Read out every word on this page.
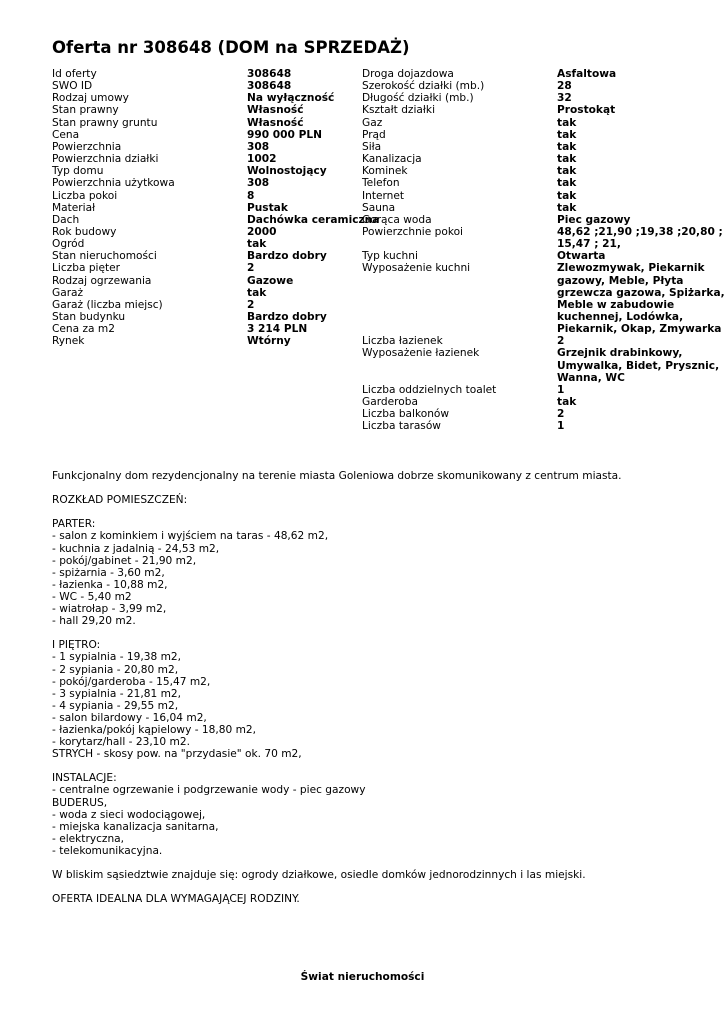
Oferta nr 308648 (DOM na SPRZEDAŻ)
Id oferty	308648
SWO ID	308648
Rodzaj umowy	Na wyłączność
Stan prawny	Własność
Stan prawny gruntu	Własność
Cena	990 000 PLN
Powierzchnia	308
Powierzchnia działki	1002
Typ domu	Wolnostojący
Powierzchnia użytkowa	308
Liczba pokoi	8
Materiał	Pustak
Dach	Dachówka ceramiczna
Rok budowy	2000
Ogród	tak
Stan nieruchomości	Bardzo dobry
Liczba pięter	2
Rodzaj ogrzewania	Gazowe
Garaż	tak
Garaż (liczba miejsc)	2
Stan budynku	Bardzo dobry
Cena za m2	3 214 PLN
Rynek	Wtórny
Droga dojazdowa	Asfaltowa
Szerokość działki (mb.)	28
Długość działki (mb.)	32
Kształt działki	Prostokąt
Gaz	tak
Prąd	tak
Siła	tak
Kanalizacja	tak
Kominek	tak
Telefon	tak
Internet	tak
Sauna	tak
Gorąca woda	Piec gazowy
Powierzchnie pokoi	48,62 ;21,90 ;19,38 ;20,80 ;
15,47 ; 21,
Typ kuchni	Otwarta
Wyposażenie kuchni	Zlewozmywak, Piekarnik
gazowy, Meble, Płyta
grzewcza gazowa, Spiżarka,
Meble w zabudowie
kuchennej, Lodówka,
Piekarnik, Okap, Zmywarka
Liczba łazienek	2
Wyposażenie łazienek	Grzejnik drabinkowy,
Umywalka, Bidet, Prysznic,
Wanna, WC
Liczba oddzielnych toalet	1
Garderoba	tak
Liczba balkonów	2
Liczba tarasów	1

Funkcjonalny dom rezydencjonalny na terenie miasta Goleniowa dobrze skomunikowany z centrum miasta.

ROZKŁAD POMIESZCZEŃ:

PARTER:
- salon z kominkiem i wyjściem na taras - 48,62 m2,
- kuchnia z jadalnią - 24,53 m2,
- pokój/gabinet - 21,90 m2,
- spiżarnia - 3,60 m2,
- łazienka - 10,88 m2,
- WC - 5,40 m2
- wiatrołap - 3,99 m2,
- hall 29,20 m2.

I PIĘTRO:
- 1 sypialnia - 19,38 m2,
- 2 sypiania - 20,80 m2,
- pokój/garderoba - 15,47 m2,
- 3 sypialnia - 21,81 m2,
- 4 sypiania - 29,55 m2,
- salon bilardowy - 16,04 m2,
- łazienka/pokój kąpielowy - 18,80 m2,
- korytarz/hall - 23,10 m2.
STRYCH - skosy pow. na "przydasie" ok. 70 m2,

INSTALACJE:
- centralne ogrzewanie i podgrzewanie wody - piec gazowy
BUDERUS,
- woda z sieci wodociągowej,
- miejska kanalizacja sanitarna,
- elektryczna,
- telekomunikacyjna.

W bliskim sąsiedztwie znajduje się: ogrody działkowe, osiedle domków jednorodzinnych i las miejski.

OFERTA IDEALNA DLA WYMAGAJĄCEJ RODZINY.

Świat nieruchomości
